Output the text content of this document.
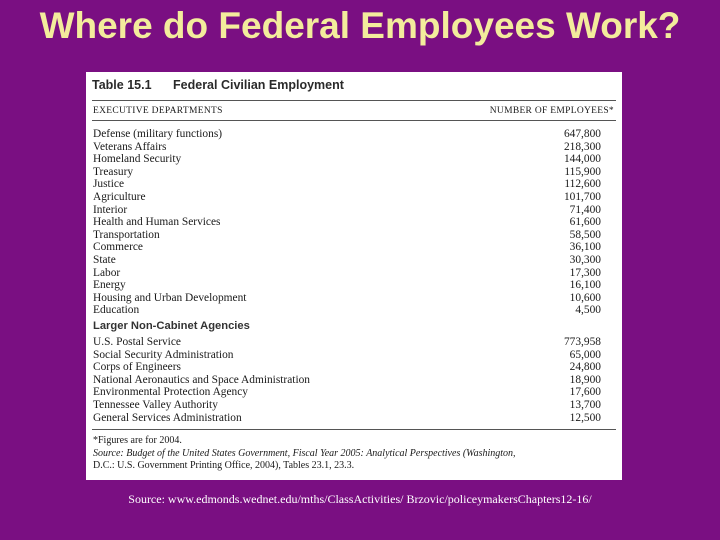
Table 15.1 Federal Civilian Employment
EXECUTIVE DEPARTMENTS	NUMBER OF EMPLOYEES*
Defense (military functions)	647,800
Veterans Affairs	218,300
Homeland Security	144,000
Treasury	115,900
Justice	112,600
Agriculture	101,700
Interior	71,400
Health and Human Services	61,600
Transportation	58,500
Commerce	36,100
State	30,300
Labor	17,300
Energy	16,100
Housing and Urban Development	10,600
Education	4,500
Larger Non-Cabinet Agencies
U.S. Postal Service	773,958
Social Security Administration	65,000
Corps of Engineers	24,800
National Aeronautics and Space Administration	18,900
Environmental Protection Agency	17,600
Tennessee Valley Authority	13,700
General Services Administration	12,500
*Figures are for 2004.
Source: Budget of the United States Government, Fiscal Year 2005: Analytical Perspectives (Washington,
D.C.: U.S. Government Printing Office, 2004), Tables 23.1, 23.3.
Where do Federal Employees Work?
Source: www.edmonds.wednet.edu/mths/ClassActivities/ Brzovic/policeymakersChapters12-16/
